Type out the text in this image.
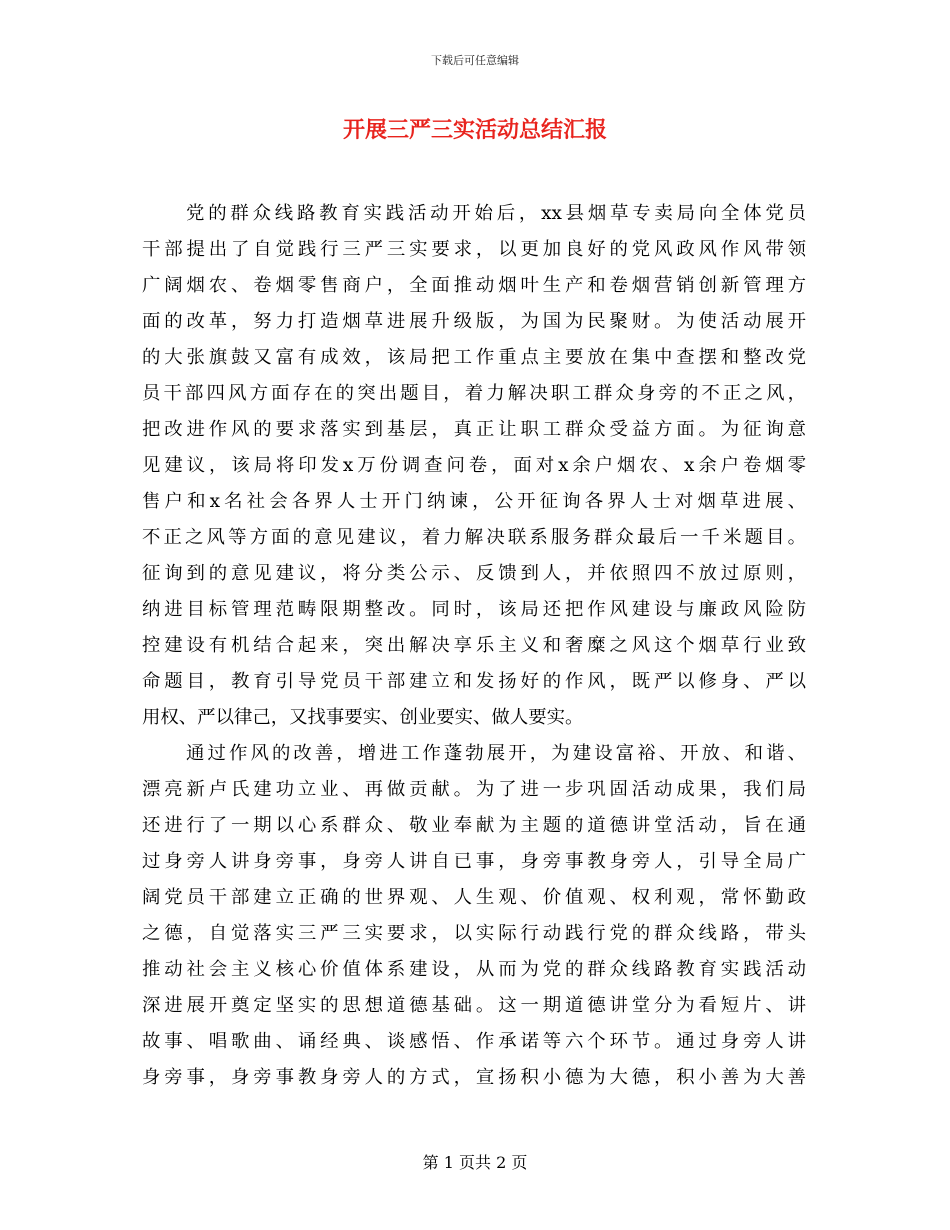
下载后可任意编辑
开展三严三实活动总结汇报
党的群众线路教育实践活动开始后，xx县烟草专卖局向全体党员
干部提出了自觉践行三严三实要求，以更加良好的党风政风作风带领
广阔烟农、卷烟零售商户，全面推动烟叶生产和卷烟营销创新管理方
面的改革，努力打造烟草进展升级版，为国为民聚财。为使活动展开
的大张旗鼓又富有成效，该局把工作重点主要放在集中查摆和整改党
员干部四风方面存在的突出题目，着力解决职工群众身旁的不正之风，
把改进作风的要求落实到基层，真正让职工群众受益方面。为征询意
见建议，该局将印发x万份调查问卷，面对x余户烟农、x余户卷烟零
售户和x名社会各界人士开门纳谏，公开征询各界人士对烟草进展、
不正之风等方面的意见建议，着力解决联系服务群众最后一千米题目。
征询到的意见建议，将分类公示、反馈到人，并依照四不放过原则，
纳进目标管理范畴限期整改。同时，该局还把作风建设与廉政风险防
控建设有机结合起来，突出解决享乐主义和奢糜之风这个烟草行业致
命题目，教育引导党员干部建立和发扬好的作风，既严以修身、严以
用权、严以律己，又找事要实、创业要实、做人要实。
通过作风的改善，增进工作蓬勃展开，为建设富裕、开放、和谐、
漂亮新卢氏建功立业、再做贡献。为了进一步巩固活动成果，我们局
还进行了一期以心系群众、敬业奉献为主题的道德讲堂活动，旨在通
过身旁人讲身旁事，身旁人讲自已事，身旁事教身旁人，引导全局广
阔党员干部建立正确的世界观、人生观、价值观、权利观，常怀勤政
之德，自觉落实三严三实要求，以实际行动践行党的群众线路，带头
推动社会主义核心价值体系建设，从而为党的群众线路教育实践活动
深进展开奠定坚实的思想道德基础。这一期道德讲堂分为看短片、讲
故事、唱歌曲、诵经典、谈感悟、作承诺等六个环节。通过身旁人讲
身旁事，身旁事教身旁人的方式，宣扬积小德为大德，积小善为大善
第 1 页共 2 页
